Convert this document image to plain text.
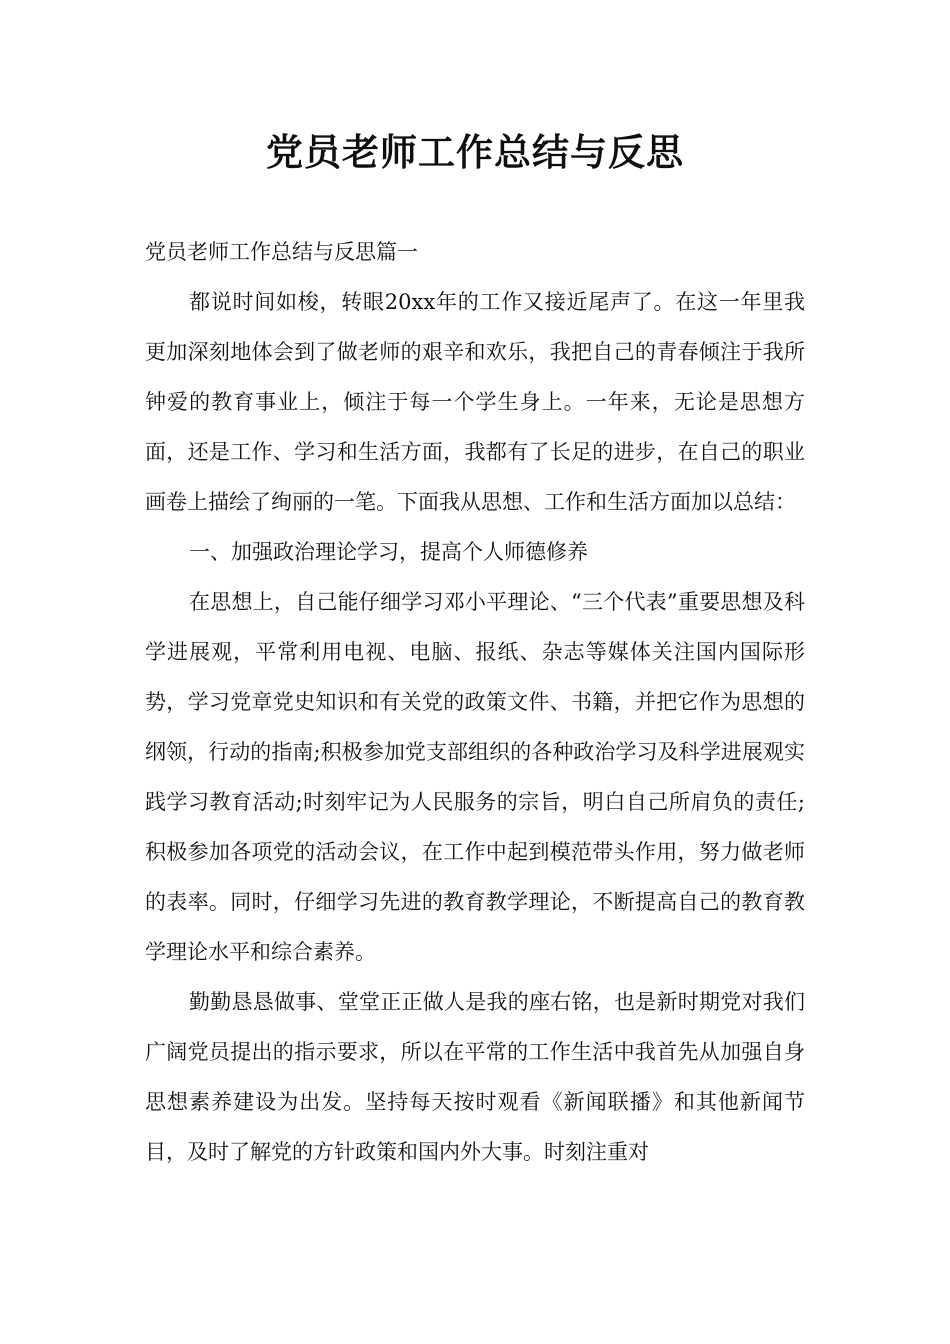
党员老师工作总结与反思

党员老师工作总结与反思篇一

都说时间如梭，转眼20xx年的工作又接近尾声了。在这一年里我更加深刻地体会到了做老师的艰辛和欢乐，我把自己的青春倾注于我所钟爱的教育事业上，倾注于每一个学生身上。一年来，无论是思想方面，还是工作、学习和生活方面，我都有了长足的进步，在自己的职业画卷上描绘了绚丽的一笔。下面我从思想、工作和生活方面加以总结：

一、加强政治理论学习，提高个人师德修养

在思想上，自己能仔细学习邓小平理论、“三个代表”重要思想及科学进展观，平常利用电视、电脑、报纸、杂志等媒体关注国内国际形势，学习党章党史知识和有关党的政策文件、书籍，并把它作为思想的纲领，行动的指南;积极参加党支部组织的各种政治学习及科学进展观实践学习教育活动;时刻牢记为人民服务的宗旨，明白自己所肩负的责任;积极参加各项党的活动会议，在工作中起到模范带头作用，努力做老师的表率。同时，仔细学习先进的教育教学理论，不断提高自己的教育教学理论水平和综合素养。

勤勤恳恳做事、堂堂正正做人是我的座右铭，也是新时期党对我们广阔党员提出的指示要求，所以在平常的工作生活中我首先从加强自身思想素养建设为出发。坚持每天按时观看《新闻联播》和其他新闻节目，及时了解党的方针政策和国内外大事。时刻注重对
